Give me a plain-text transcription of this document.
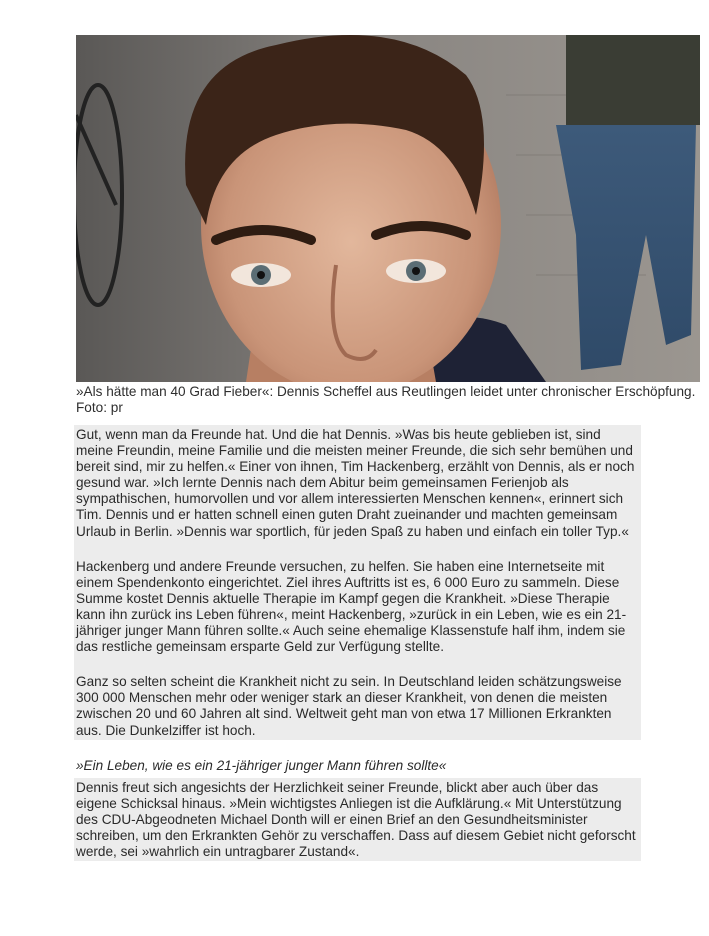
»Als hätte man 40 Grad Fieber«: Dennis Scheffel aus Reutlingen leidet unter chronischer Erschöpfung. Foto: pr

Gut, wenn man da Freunde hat. Und die hat Dennis. »Was bis heute geblieben ist, sind meine Freundin, meine Familie und die meisten meiner Freunde, die sich sehr bemühen und bereit sind, mir zu helfen.« Einer von ihnen, Tim Hackenberg, erzählt von Dennis, als er noch gesund war. »Ich lernte Dennis nach dem Abitur beim gemeinsamen Ferienjob als sympathischen, humorvollen und vor allem interessierten Menschen kennen«, erinnert sich Tim. Dennis und er hatten schnell einen guten Draht zueinander und machten gemeinsam Urlaub in Berlin. »Dennis war sportlich, für jeden Spaß zu haben und einfach ein toller Typ.«

Hackenberg und andere Freunde versuchen, zu helfen. Sie haben eine Internetseite mit einem Spendenkonto eingerichtet. Ziel ihres Auftritts ist es, 6 000 Euro zu sammeln. Diese Summe kostet Dennis aktuelle Therapie im Kampf gegen die Krankheit. »Diese Therapie kann ihn zurück ins Leben führen«, meint Hackenberg, »zurück in ein Leben, wie es ein 21-jähriger junger Mann führen sollte.« Auch seine ehemalige Klassenstufe half ihm, indem sie das restliche gemeinsam ersparte Geld zur Verfügung stellte.

Ganz so selten scheint die Krankheit nicht zu sein. In Deutschland leiden schätzungsweise 300 000 Menschen mehr oder weniger stark an dieser Krankheit, von denen die meisten zwischen 20 und 60 Jahren alt sind. Weltweit geht man von etwa 17 Millionen Erkrankten aus. Die Dunkelziffer ist hoch.

»Ein Leben, wie es ein 21-jähriger junger Mann führen sollte«

Dennis freut sich angesichts der Herzlichkeit seiner Freunde, blickt aber auch über das eigene Schicksal hinaus. »Mein wichtigstes Anliegen ist die Aufklärung.« Mit Unterstützung des CDU-Abgeodneten Michael Donth will er einen Brief an den Gesundheitsminister schreiben, um den Erkrankten Gehör zu verschaffen. Dass auf diesem Gebiet nicht geforscht werde, sei »wahrlich ein untragbarer Zustand«.
